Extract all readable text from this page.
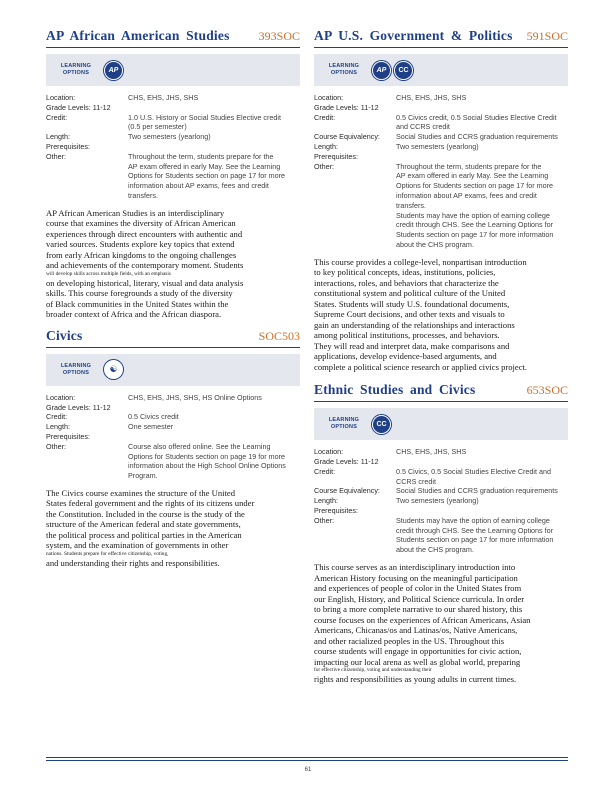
AP African American Studies 393SOC
LEARNING OPTIONS	AP
Location:	CHS, EHS, JHS, SHS
Grade Levels: 11-12
Credit:	1.0 U.S. History or Social Studies Elective credit
(0.5 per semester)
Length:	Two semesters (yearlong)
Prerequisites:
Other:	Throughout the term, students prepare for the
AP exam offered in early May. See the Learning
Options for Students section on page 17 for more
information about AP exams, fees and credit
transfers.
AP African American Studies is an interdisciplinary
course that examines the diversity of African American
experiences through direct encounters with authentic and
varied sources. Students explore key topics that extend
from early African kingdoms to the ongoing challenges
and achievements of the contemporary moment. Students
will develop skills across multiple fields, with an emphasis
on developing historical, literary, visual and data analysis
skills. This course foregrounds a study of the diversity
of Black communities in the United States within the
broader context of Africa and the African diaspora.
Civics	SOC503
LEARNING OPTIONS	☯
Location:	CHS, EHS, JHS, SHS, HS Online Options
Grade Levels: 11-12
Credit:	0.5 Civics credit
Length:	One semester
Prerequisites:
Other:	Course also offered online. See the Learning
Options for Students section on page 19 for more
information about the High School Online Options
Program.
The Civics course examines the structure of the United
States federal government and the rights of its citizens under
the Constitution. Included in the course is the study of the
structure of the American federal and state governments,
the political process and political parties in the American
system, and the examination of governments in other
nations. Students prepare for effective citizenship, voting,
and understanding their rights and responsibilities.
AP U.S. Government & Politics 591SOC
LEARNING OPTIONS	AP	CC
Location:	CHS, EHS, JHS, SHS
Grade Levels: 11-12
Credit:	0.5 Civics credit, 0.5 Social Studies Elective Credit
and CCRS credit
Course Equivalency:	Social Studies and CCRS graduation requirements
Length:	Two semesters (yearlong)
Prerequisites:
Other:	Throughout the term, students prepare for the
AP exam offered in early May. See the Learning
Options for Students section on page 17 for more
information about AP exams, fees and credit
transfers.
Students may have the option of earning college
credit through CHS. See the Learning Options for
Students section on page 17 for more information
about the CHS program.
This course provides a college-level, nonpartisan introduction
to key political concepts, ideas, institutions, policies,
interactions, roles, and behaviors that characterize the
constitutional system and political culture of the United
States. Students will study U.S. foundational documents,
Supreme Court decisions, and other texts and visuals to
gain an understanding of the relationships and interactions
among political institutions, processes, and behaviors.
They will read and interpret data, make comparisons and
applications, develop evidence-based arguments, and
complete a political science research or applied civics project.
Ethnic Studies and Civics	653SOC
LEARNING OPTIONS	CC
Location:	CHS, EHS, JHS, SHS
Grade Levels: 11-12
Credit:	0.5 Civics, 0.5 Social Studies Elective Credit and
CCRS credit
Course Equivalency:	Social Studies and CCRS graduation requirements
Length:	Two semesters (yearlong)
Prerequisites:
Other:	Students may have the option of earning college
credit through CHS. See the Learning Options for
Students section on page 17 for more information
about the CHS program.
This course serves as an interdisciplinary introduction into
American History focusing on the meaningful participation
and experiences of people of color in the United States from
our English, History, and Political Science curricula. In order
to bring a more complete narrative to our shared history, this
course focuses on the experiences of African Americans, Asian
Americans, Chicanas/os and Latinas/os, Native Americans,
and other racialized peoples in the US. Throughout this
course students will engage in opportunities for civic action,
impacting our local arena as well as global world, preparing
for effective citizenship, voting and understanding their
rights and responsibilities as young adults in current times.
61
